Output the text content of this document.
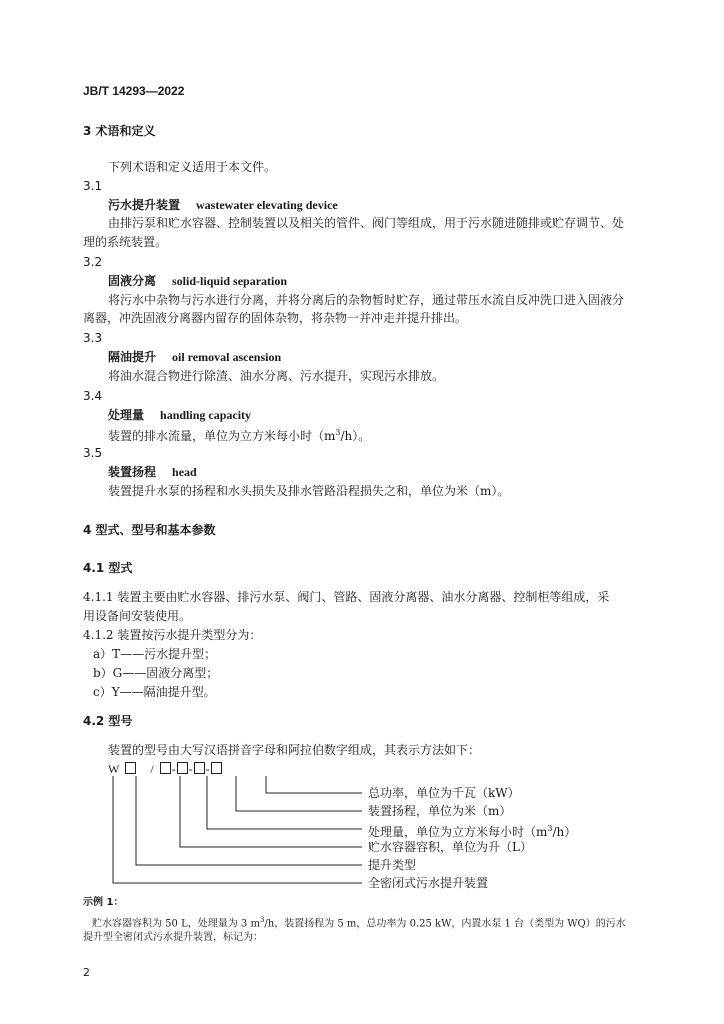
JB/T 14293—2022
3 术语和定义
下列术语和定义适用于本文件。
3.1
污水提升装置 wastewater elevating device
由排污泵和贮水容器、控制装置以及相关的管件、阀门等组成，用于污水随进随排或贮存调节、处
理的系统装置。
3.2
固液分离 solid-liquid separation
将污水中杂物与污水进行分离，并将分离后的杂物暂时贮存，通过带压水流自反冲洗口进入固液分
离器，冲洗固液分离器内留存的固体杂物，将杂物一并冲走并提升排出。
3.3
隔油提升 oil removal ascension
将油水混合物进行除渣、油水分离、污水提升，实现污水排放。
3.4
处理量 handling capacity
装置的排水流量，单位为立方米每小时$(m^3/h)$。
3.5
装置扬程 head
装置提升水泵的扬程和水头损失及排水管路沿程损失之和，单位为米（m）。
4 型式、型号和基本参数
4.1 型式
4.1.1 装置主要由贮水容器、排污水泵、阀门、管路、固液分离器、油水分离器、控制柜等组成，采
用设备间安装使用。
4.1.2 装置按污水提升类型分为：
a）T——污水提升型；
b）G——固液分离型；
c）Y——隔油提升型。
4.2 型号
装置的型号由大写汉语拼音字母和阿拉伯数字组成，其表示方法如下：
W	/ - - -
总功率，单位为千瓦（kW）
装置扬程，单位为米（m）
处理量，单位为立方米每小时$(m^3/h)$
贮水容器容积，单位为升（L）
提升类型
全密闭式污水提升装置
示例 1：
贮水容器容积为 50 L，处理量为 3 $m^3/h$，装置扬程为 5 m，总功率为 0.25 kW，内置水泵 1 台（类型为 WQ）的污水
提升型全密闭式污水提升装置，标记为：
2
